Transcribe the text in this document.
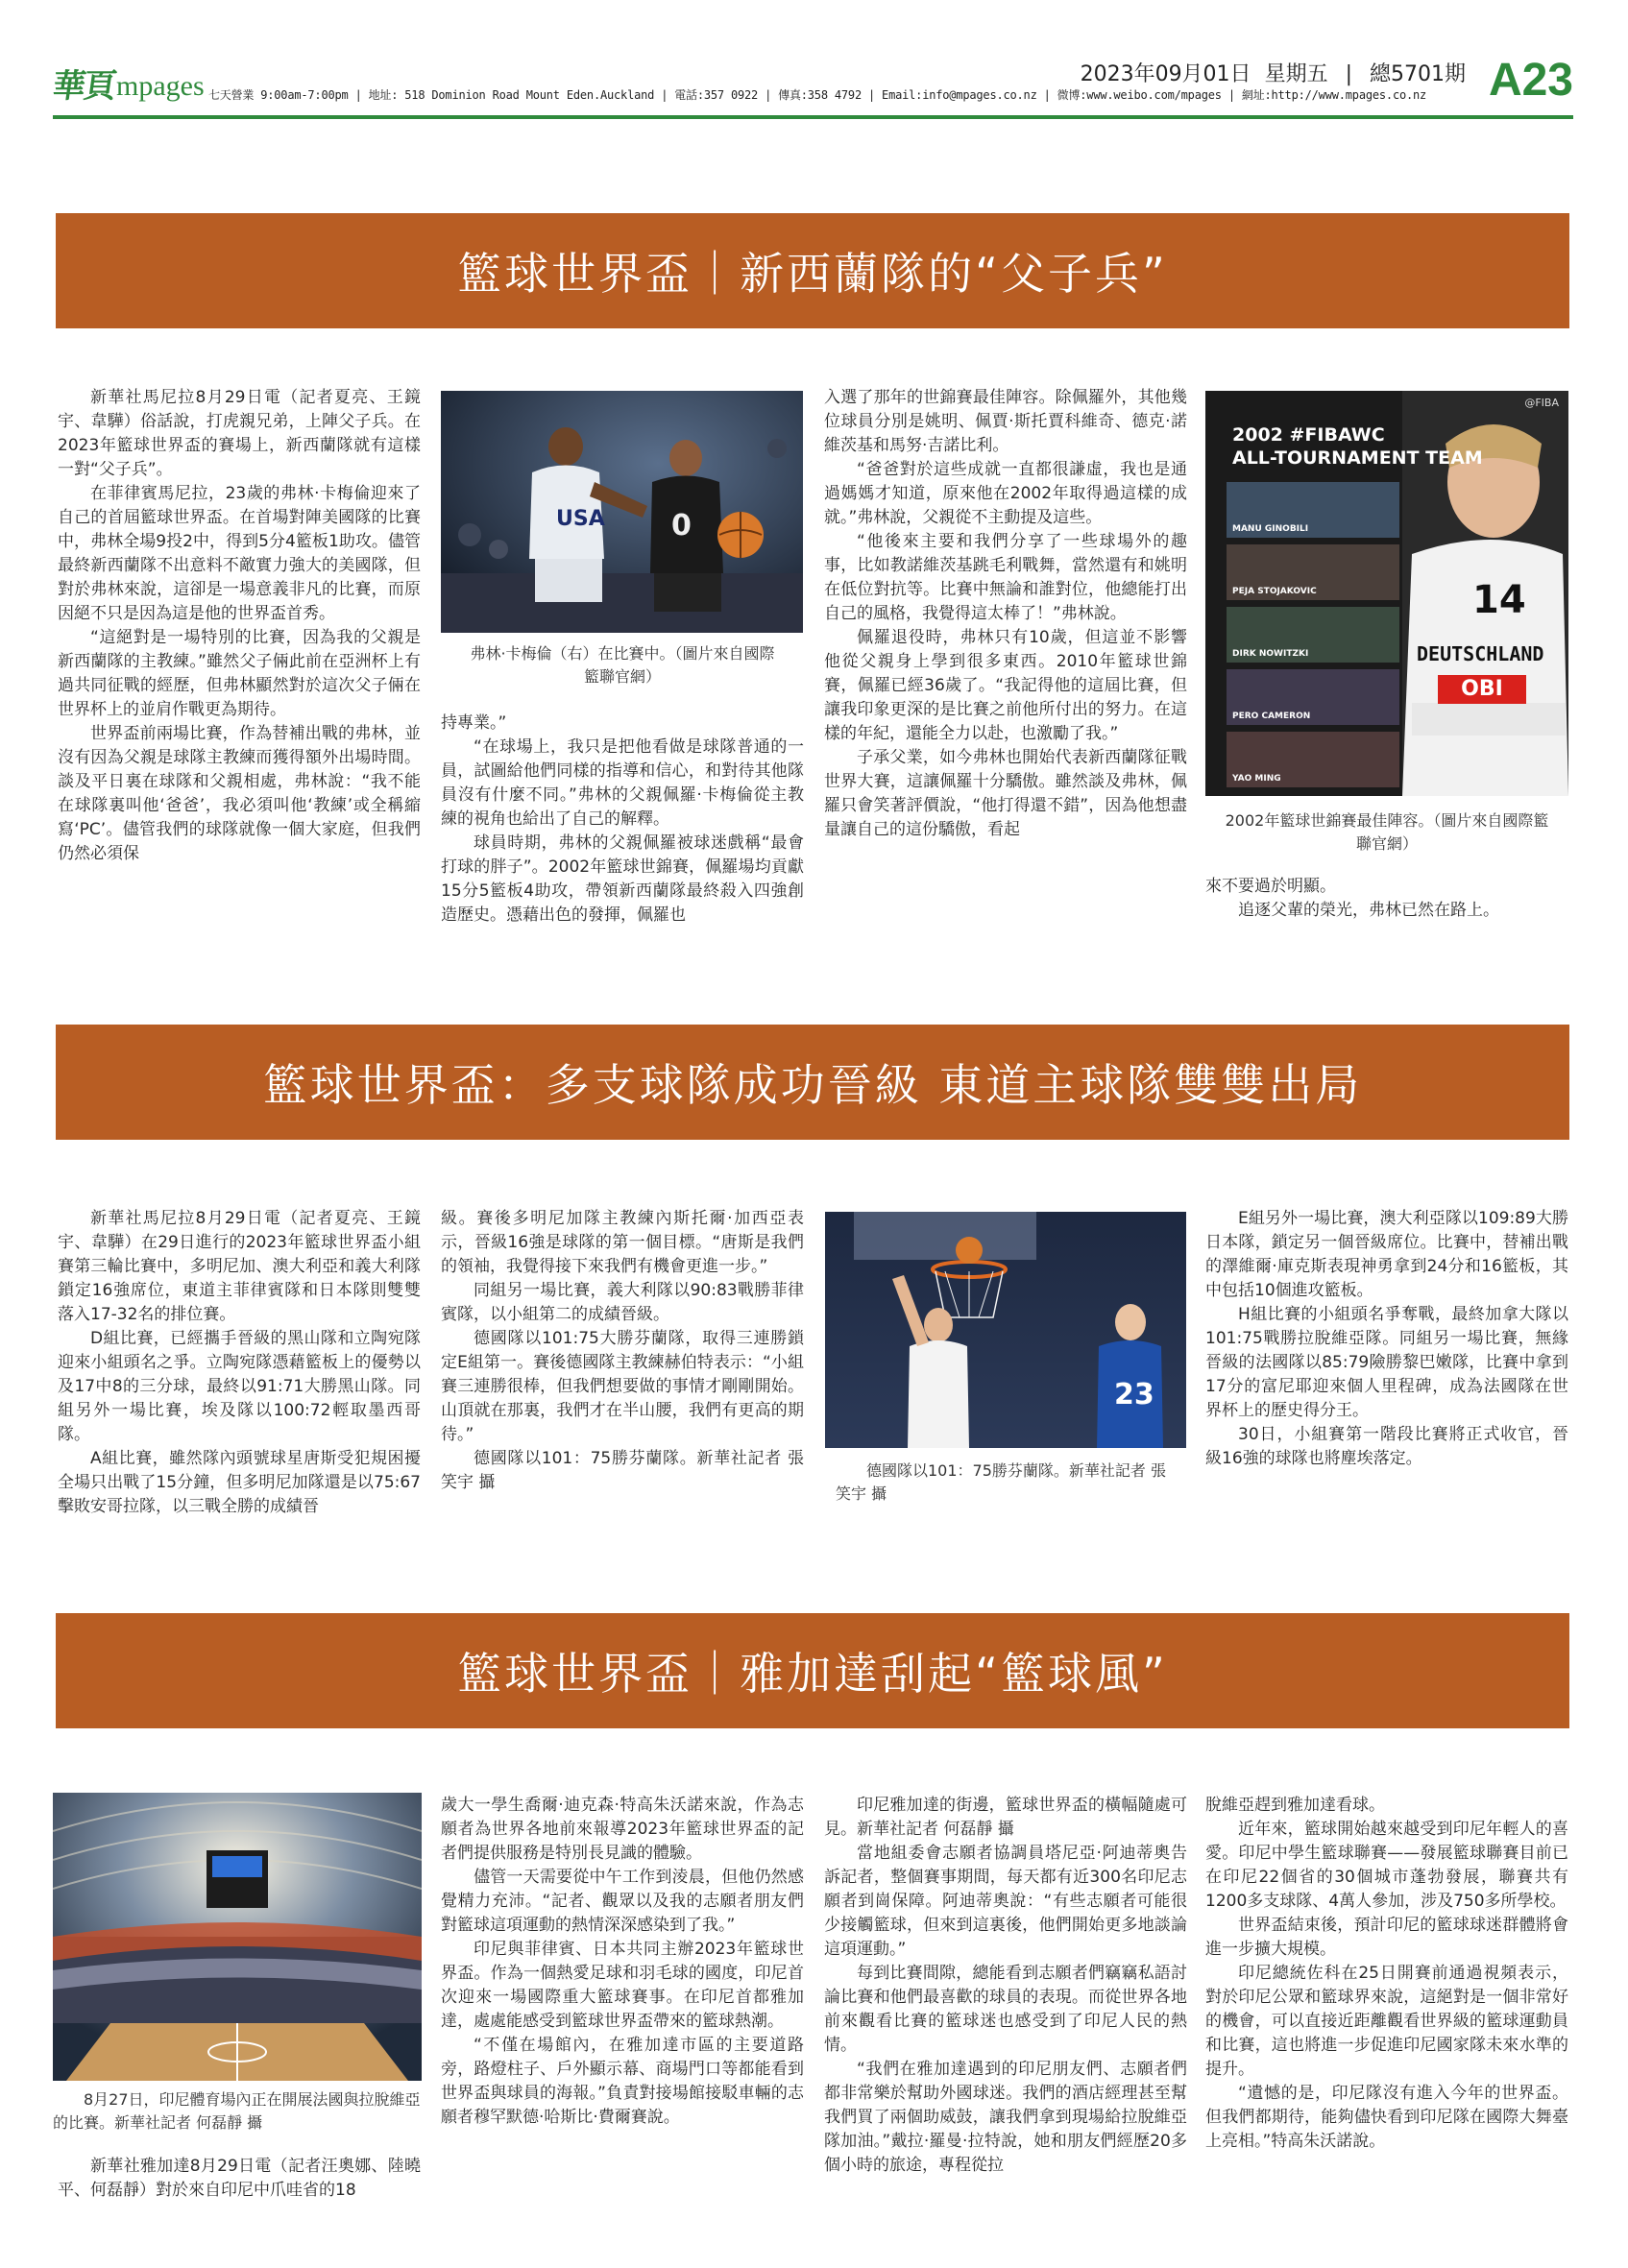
華頁 mpages 七天營業 9:00am-7:00pm | 地址: 518 Dominion Road Mount Eden.Auckland | 電話:357 0922 | 傳真:358 4792 | Email:info@mpages.co.nz | 微博:www.weibo.com/mpages | 網址:http://www.mpages.co.nz
2023年09月01日 星期五 | 總5701期 A23
籃球世界盃｜新西蘭隊的“父子兵”

新華社馬尼拉8月29日電（記者夏亮、王鏡宇、韋驊）俗話說，打虎親兄弟，上陣父子兵。在2023年籃球世界盃的賽場上，新西蘭隊就有這樣一對“父子兵”。

在菲律賓馬尼拉，23歲的弗林·卡梅倫迎來了自己的首屆籃球世界盃。在首場對陣美國隊的比賽中，弗林全場9投2中，得到5分4籃板1助攻。儘管最終新西蘭隊不出意料不敵實力強大的美國隊，但對於弗林來說，這卻是一場意義非凡的比賽，而原因絕不只是因為這是他的世界盃首秀。

“這絕對是一場特別的比賽，因為我的父親是新西蘭隊的主教練。”雖然父子倆此前在亞洲杯上有過共同征戰的經歷，但弗林顯然對於這次父子倆在世界杯上的並肩作戰更為期待。

世界盃前兩場比賽，作為替補出戰的弗林，並沒有因為父親是球隊主教練而獲得額外出場時間。談及平日裏在球隊和父親相處，弗林說：“我不能在球隊裏叫他‘爸爸’，我必須叫他‘教練’或全稱縮寫‘PC’。儘管我們的球隊就像一個大家庭，但我們仍然必須保

USA 0
弗林·卡梅倫（右）在比賽中。（圖片來自國際籃聯官網）

持專業。”

“在球場上，我只是把他看做是球隊普通的一員，試圖給他們同樣的指導和信心，和對待其他隊員沒有什麼不同。”弗林的父親佩羅·卡梅倫從主教練的視角也給出了自己的解釋。

球員時期，弗林的父親佩羅被球迷戲稱“最會打球的胖子”。2002年籃球世錦賽，佩羅場均貢獻15分5籃板4助攻，帶領新西蘭隊最終殺入四強創造歷史。憑藉出色的發揮，佩羅也

入選了那年的世錦賽最佳陣容。除佩羅外，其他幾位球員分別是姚明、佩賈·斯托賈科維奇、德克·諾維茨基和馬努·吉諾比利。

“爸爸對於這些成就一直都很謙虛，我也是通過媽媽才知道，原來他在2002年取得過這樣的成就。”弗林說，父親從不主動提及這些。

“他後來主要和我們分享了一些球場外的趣事，比如教諾維茨基跳毛利戰舞，當然還有和姚明在低位對抗等。比賽中無論和誰對位，他總能打出自己的風格，我覺得這太棒了！”弗林說。

佩羅退役時，弗林只有10歲，但這並不影響他從父親身上學到很多東西。2010年籃球世錦賽，佩羅已經36歲了。“我記得他的這屆比賽，但讓我印象更深的是比賽之前他所付出的努力。在這樣的年紀，還能全力以赴，也激勵了我。”

子承父業，如今弗林也開始代表新西蘭隊征戰世界大賽，這讓佩羅十分驕傲。雖然談及弗林，佩羅只會笑著評價說，“他打得還不錯”，因為他想盡量讓自己的這份驕傲，看起

@FIBA
2002 #FIBAWC
ALL-TOURNAMENT TEAM
MANU GINOBILI
PEJA STOJAKOVIC
DIRK NOWITZKI
PERO CAMERON
YAO MING
14
DEUTSCHLAND
OBI
2002年籃球世錦賽最佳陣容。（圖片來自國際籃聯官網）

來不要過於明顯。

追逐父輩的榮光，弗林已然在路上。

籃球世界盃：多支球隊成功晉級 東道主球隊雙雙出局

新華社馬尼拉8月29日電（記者夏亮、王鏡宇、韋驊）在29日進行的2023年籃球世界盃小組賽第三輪比賽中，多明尼加、澳大利亞和義大利隊鎖定16強席位，東道主菲律賓隊和日本隊則雙雙落入17-32名的排位賽。

D組比賽，已經攜手晉級的黑山隊和立陶宛隊迎來小組頭名之爭。立陶宛隊憑藉籃板上的優勢以及17中8的三分球，最終以91:71大勝黑山隊。同組另外一場比賽，埃及隊以100:72輕取墨西哥隊。

A組比賽，雖然隊內頭號球星唐斯受犯規困擾全場只出戰了15分鐘，但多明尼加隊還是以75:67擊敗安哥拉隊，以三戰全勝的成績晉

級。賽後多明尼加隊主教練內斯托爾·加西亞表示，晉級16強是球隊的第一個目標。“唐斯是我們的領袖，我覺得接下來我們有機會更進一步。”

同組另一場比賽，義大利隊以90:83戰勝菲律賓隊，以小組第二的成績晉級。

德國隊以101:75大勝芬蘭隊，取得三連勝鎖定E組第一。賽後德國隊主教練赫伯特表示：“小組賽三連勝很棒，但我們想要做的事情才剛剛開始。山頂就在那裏，我們才在半山腰，我們有更高的期待。”

德國隊以101：75勝芬蘭隊。新華社記者 張笑宇 攝

23
德國隊以101：75勝芬蘭隊。新華社記者 張笑宇 攝

E組另外一場比賽，澳大利亞隊以109:89大勝日本隊，鎖定另一個晉級席位。比賽中，替補出戰的澤維爾·庫克斯表現神勇拿到24分和16籃板，其中包括10個進攻籃板。

H組比賽的小組頭名爭奪戰，最終加拿大隊以101:75戰勝拉脫維亞隊。同組另一場比賽，無緣晉級的法國隊以85:79險勝黎巴嫩隊，比賽中拿到17分的富尼耶迎來個人里程碑，成為法國隊在世界杯上的歷史得分王。

30日，小組賽第一階段比賽將正式收官，晉級16強的球隊也將塵埃落定。

籃球世界盃｜雅加達刮起“籃球風”
8月27日，印尼體育場內正在開展法國與拉脫維亞的比賽。新華社記者 何磊靜 攝

新華社雅加達8月29日電（記者汪奧娜、陸曉平、何磊靜）對於來自印尼中爪哇省的18

歲大一學生喬爾·迪克森·特高朱沃諾來說，作為志願者為世界各地前來報導2023年籃球世界盃的記者們提供服務是特別長見識的體驗。

儘管一天需要從中午工作到淩晨，但他仍然感覺精力充沛。“記者、觀眾以及我的志願者朋友們對籃球這項運動的熱情深深感染到了我。”

印尼與菲律賓、日本共同主辦2023年籃球世界盃。作為一個熱愛足球和羽毛球的國度，印尼首次迎來一場國際重大籃球賽事。在印尼首都雅加達，處處能感受到籃球世界盃帶來的籃球熱潮。

“不僅在場館內，在雅加達市區的主要道路旁，路燈柱子、戶外顯示幕、商場門口等都能看到世界盃與球員的海報。”負責對接場館接駁車輛的志願者穆罕默德·哈斯比·費爾賽說。

印尼雅加達的街邊，籃球世界盃的橫幅隨處可見。新華社記者 何磊靜 攝

當地組委會志願者協調員塔尼亞·阿迪蒂奧告訴記者，整個賽事期間，每天都有近300名印尼志願者到崗保障。阿迪蒂奧說：“有些志願者可能很少接觸籃球，但來到這裏後，他們開始更多地談論這項運動。”

每到比賽間隙，總能看到志願者們竊竊私語討論比賽和他們最喜歡的球員的表現。而從世界各地前來觀看比賽的籃球迷也感受到了印尼人民的熱情。

“我們在雅加達遇到的印尼朋友們、志願者們都非常樂於幫助外國球迷。我們的酒店經理甚至幫我們買了兩個助威鼓，讓我們拿到現場給拉脫維亞隊加油。”戴拉·羅曼·拉特說，她和朋友們經歷20多個小時的旅途，專程從拉

脫維亞趕到雅加達看球。

近年來，籃球開始越來越受到印尼年輕人的喜愛。印尼中學生籃球聯賽——發展籃球聯賽目前已在印尼22個省的30個城市蓬勃發展，聯賽共有1200多支球隊、4萬人參加，涉及750多所學校。

世界盃結束後，預計印尼的籃球球迷群體將會進一步擴大規模。

印尼總統佐科在25日開賽前通過視頻表示，對於印尼公眾和籃球界來說，這絕對是一個非常好的機會，可以直接近距離觀看世界級的籃球運動員和比賽，這也將進一步促進印尼國家隊未來水準的提升。

“遺憾的是，印尼隊沒有進入今年的世界盃。但我們都期待，能夠儘快看到印尼隊在國際大舞臺上亮相。”特高朱沃諾說。
